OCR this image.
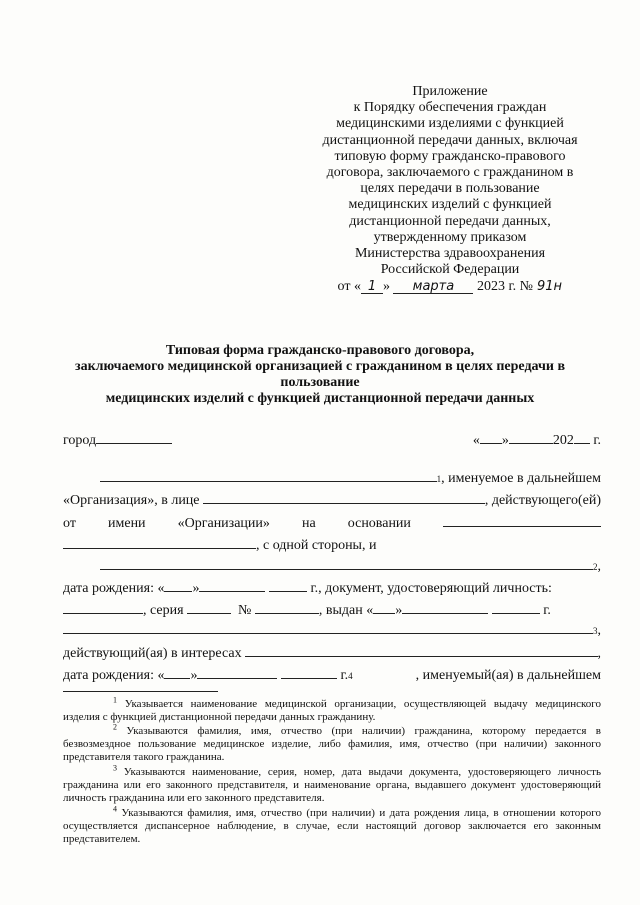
Приложение
к Порядку обеспечения граждан
медицинскими изделиями с функцией
дистанционной передачи данных, включая
типовую форму гражданско-правового
договора, заключаемого с гражданином в
целях передачи в пользование
медицинских изделий с функцией
дистанционной передачи данных,
утвержденному приказом
Министерства здравоохранения
Российской Федерации
от « 1 » марта 2023 г. № 91н
Типовая форма гражданско-правового договора,
заключаемого медицинской организацией с гражданином в целях передачи в
пользование
медицинских изделий с функцией дистанционной передачи данных
город	« »	202 г.
1 , именуемое в дальнейшем
«Организация», в лице
	, действующего(ей)
от имени «Организации» на основании
, с одной стороны, и
2 ,
дата рождения: « »

	г., документ, удостоверяющий личность:
, серия

	№
	, выдан « »

	г.
3 ,
действующий(ая) в интересах
	,
дата рождения: « »

	г. 4	, именуемый(ая) в дальнейшем
$^1$ Указывается наименование медицинской организации, осуществляющей выдачу медицинского изделия с функцией дистанционной передачи данных гражданину.
$^2$ Указываются фамилия, имя, отчество (при наличии) гражданина, которому передается в безвозмездное пользование медицинское изделие, либо фамилия, имя, отчество (при наличии) законного представителя такого гражданина.
$^3$ Указываются наименование, серия, номер, дата выдачи документа, удостоверяющего личность гражданина или его законного представителя, и наименование органа, выдавшего документ удостоверяющий личность гражданина или его законного представителя.
$^4$ Указываются фамилия, имя, отчество (при наличии) и дата рождения лица, в отношении которого осуществляется диспансерное наблюдение, в случае, если настоящий договор заключается его законным представителем.
